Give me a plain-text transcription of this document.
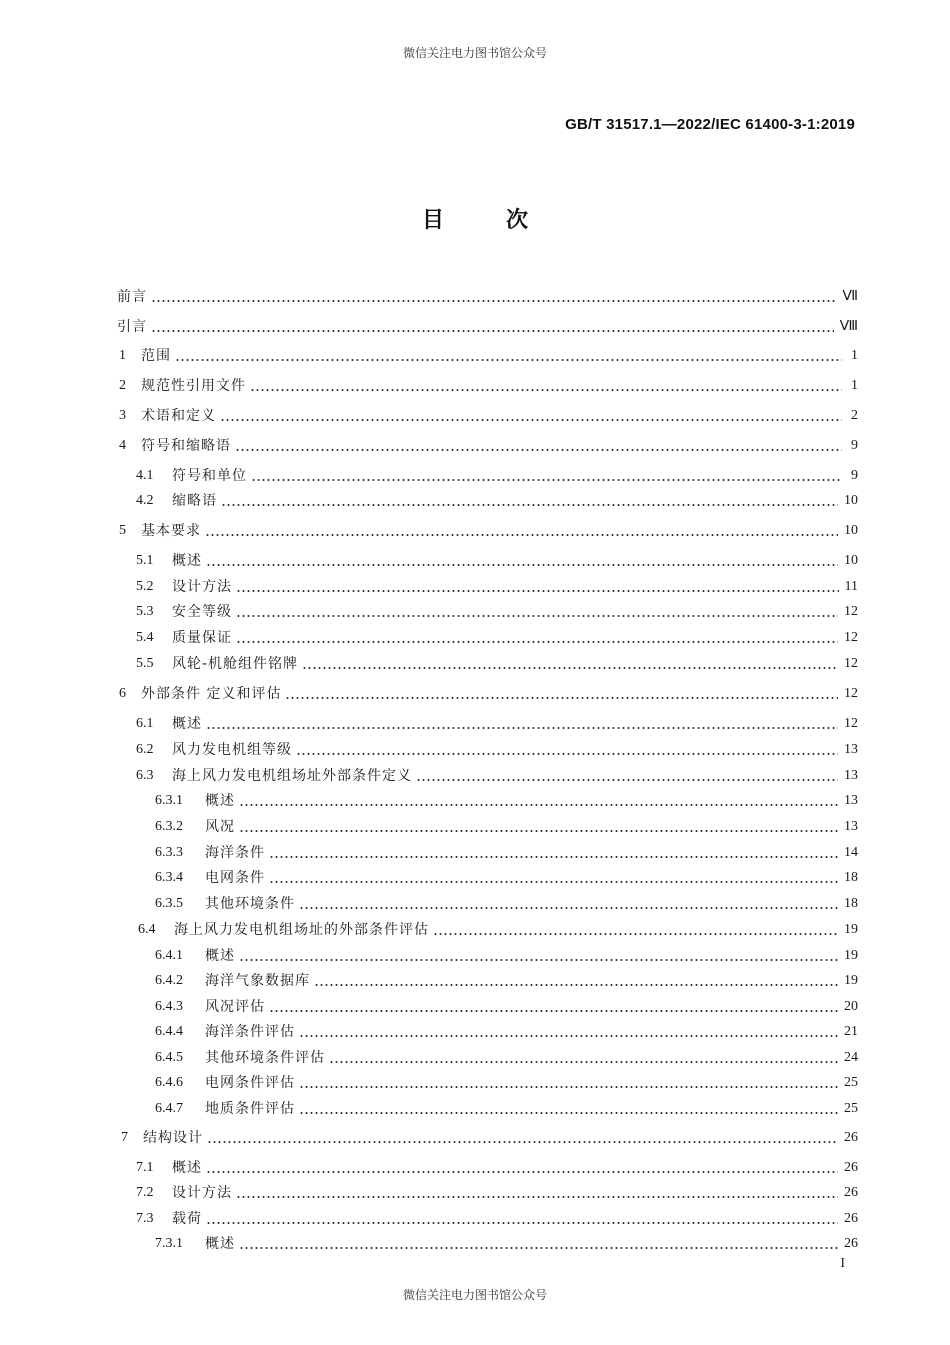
微信关注电力图书馆公众号
GB/T 31517.1—2022/IEC 61400-3-1:2019
目次
前言	Ⅶ
引言	Ⅷ
1	范围	1
2	规范性引用文件	1
3	术语和定义	2
4	符号和缩略语	9
4.1	符号和单位	9
4.2	缩略语	10
5	基本要求	10
5.1	概述	10
5.2	设计方法	11
5.3	安全等级	12
5.4	质量保证	12
5.5	风轮-机舱组件铭牌	12
6	外部条件 定义和评估	12
6.1	概述	12
6.2	风力发电机组等级	13
6.3	海上风力发电机组场址外部条件定义	13
6.3.1	概述	13
6.3.2	风况	13
6.3.3	海洋条件	14
6.3.4	电网条件	18
6.3.5	其他环境条件	18
6.4	海上风力发电机组场址的外部条件评估	19
6.4.1	概述	19
6.4.2	海洋气象数据库	19
6.4.3	风况评估	20
6.4.4	海洋条件评估	21
6.4.5	其他环境条件评估	24
6.4.6	电网条件评估	25
6.4.7	地质条件评估	25
7	结构设计	26
7.1	概述	26
7.2	设计方法	26
7.3	载荷	26
7.3.1	概述	26
I
微信关注电力图书馆公众号
